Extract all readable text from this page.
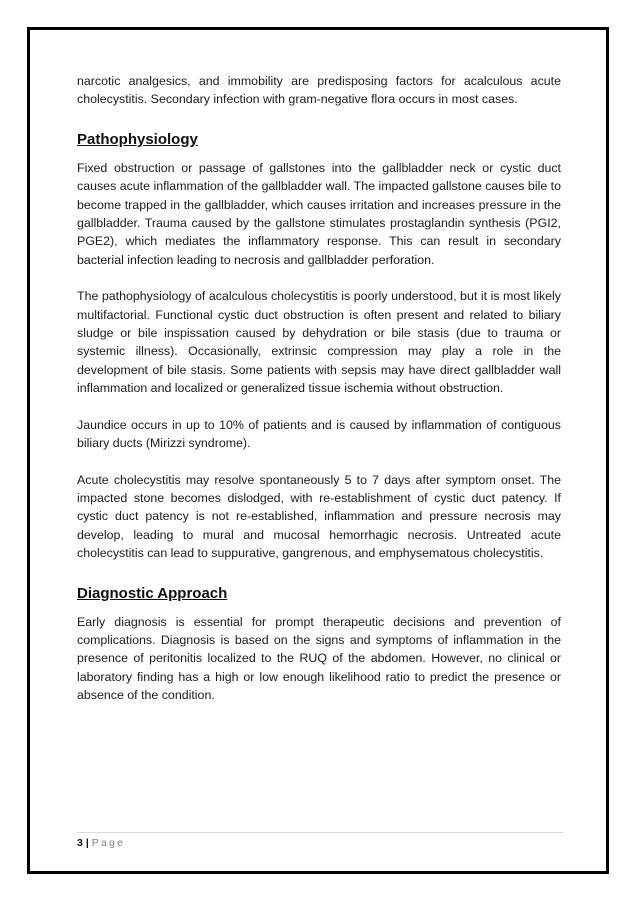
narcotic analgesics, and immobility are predisposing factors for acalculous acute cholecystitis. Secondary infection with gram-negative flora occurs in most cases.

Pathophysiology

Fixed obstruction or passage of gallstones into the gallbladder neck or cystic duct causes acute inflammation of the gallbladder wall. The impacted gallstone causes bile to become trapped in the gallbladder, which causes irritation and increases pressure in the gallbladder. Trauma caused by the gallstone stimulates prostaglandin synthesis (PGI2, PGE2), which mediates the inflammatory response. This can result in secondary bacterial infection leading to necrosis and gallbladder perforation.

The pathophysiology of acalculous cholecystitis is poorly understood, but it is most likely multifactorial. Functional cystic duct obstruction is often present and related to biliary sludge or bile inspissation caused by dehydration or bile stasis (due to trauma or systemic illness). Occasionally, extrinsic compression may play a role in the development of bile stasis. Some patients with sepsis may have direct gallbladder wall inflammation and localized or generalized tissue ischemia without obstruction.

Jaundice occurs in up to 10% of patients and is caused by inflammation of contiguous biliary ducts (Mirizzi syndrome).

Acute cholecystitis may resolve spontaneously 5 to 7 days after symptom onset. The impacted stone becomes dislodged, with re-establishment of cystic duct patency. If cystic duct patency is not re-established, inflammation and pressure necrosis may develop, leading to mural and mucosal hemorrhagic necrosis. Untreated acute cholecystitis can lead to suppurative, gangrenous, and emphysematous cholecystitis.

Diagnostic Approach

Early diagnosis is essential for prompt therapeutic decisions and prevention of complications. Diagnosis is based on the signs and symptoms of inflammation in the presence of peritonitis localized to the RUQ of the abdomen. However, no clinical or laboratory finding has a high or low enough likelihood ratio to predict the presence or absence of the condition.

3 | Page
